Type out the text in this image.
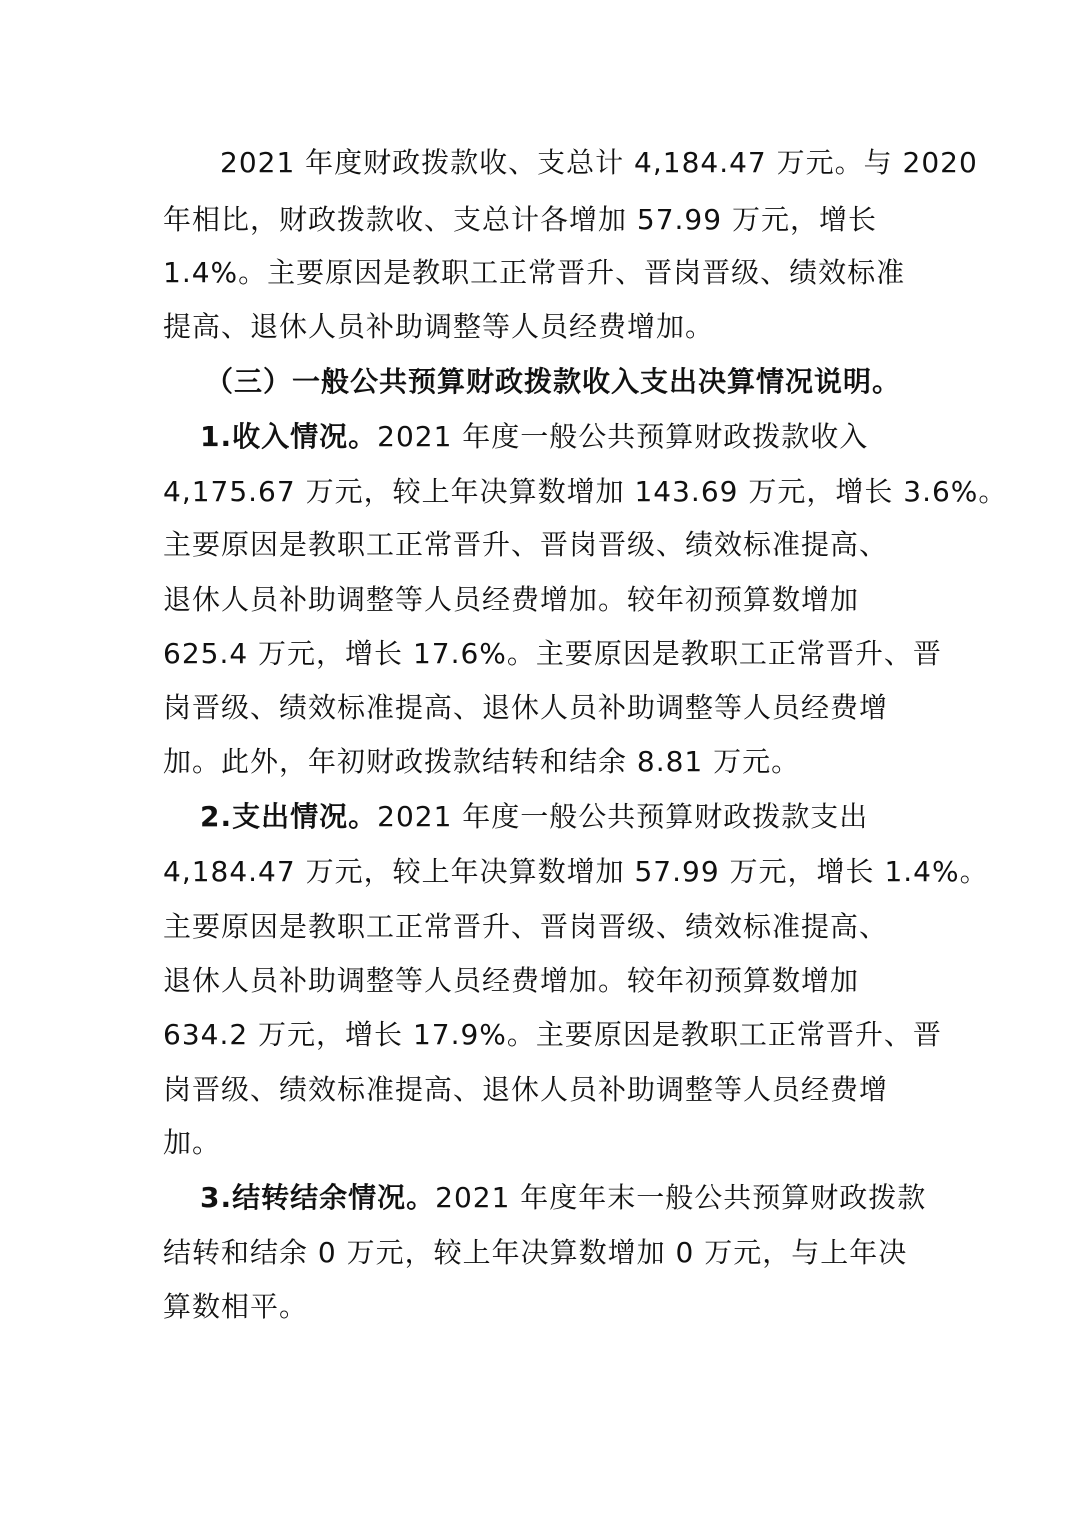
2021 年度财政拨款收、支总计 4,184.47 万元。与 2020
年相比，财政拨款收、支总计各增加 57.99 万元，增长
1.4%。主要原因是教职工正常晋升、晋岗晋级、绩效标准
提高、退休人员补助调整等人员经费增加。
（三）一般公共预算财政拨款收入支出决算情况说明。
1.收入情况。2021 年度一般公共预算财政拨款收入
4,175.67 万元，较上年决算数增加 143.69 万元，增长 3.6%。
主要原因是教职工正常晋升、晋岗晋级、绩效标准提高、
退休人员补助调整等人员经费增加。较年初预算数增加
625.4 万元，增长 17.6%。主要原因是教职工正常晋升、晋
岗晋级、绩效标准提高、退休人员补助调整等人员经费增
加。此外，年初财政拨款结转和结余 8.81 万元。
2.支出情况。2021 年度一般公共预算财政拨款支出
4,184.47 万元，较上年决算数增加 57.99 万元，增长 1.4%。
主要原因是教职工正常晋升、晋岗晋级、绩效标准提高、
退休人员补助调整等人员经费增加。较年初预算数增加
634.2 万元，增长 17.9%。主要原因是教职工正常晋升、晋
岗晋级、绩效标准提高、退休人员补助调整等人员经费增
加。
3.结转结余情况。2021 年度年末一般公共预算财政拨款
结转和结余 0 万元，较上年决算数增加 0 万元，与上年决
算数相平。
